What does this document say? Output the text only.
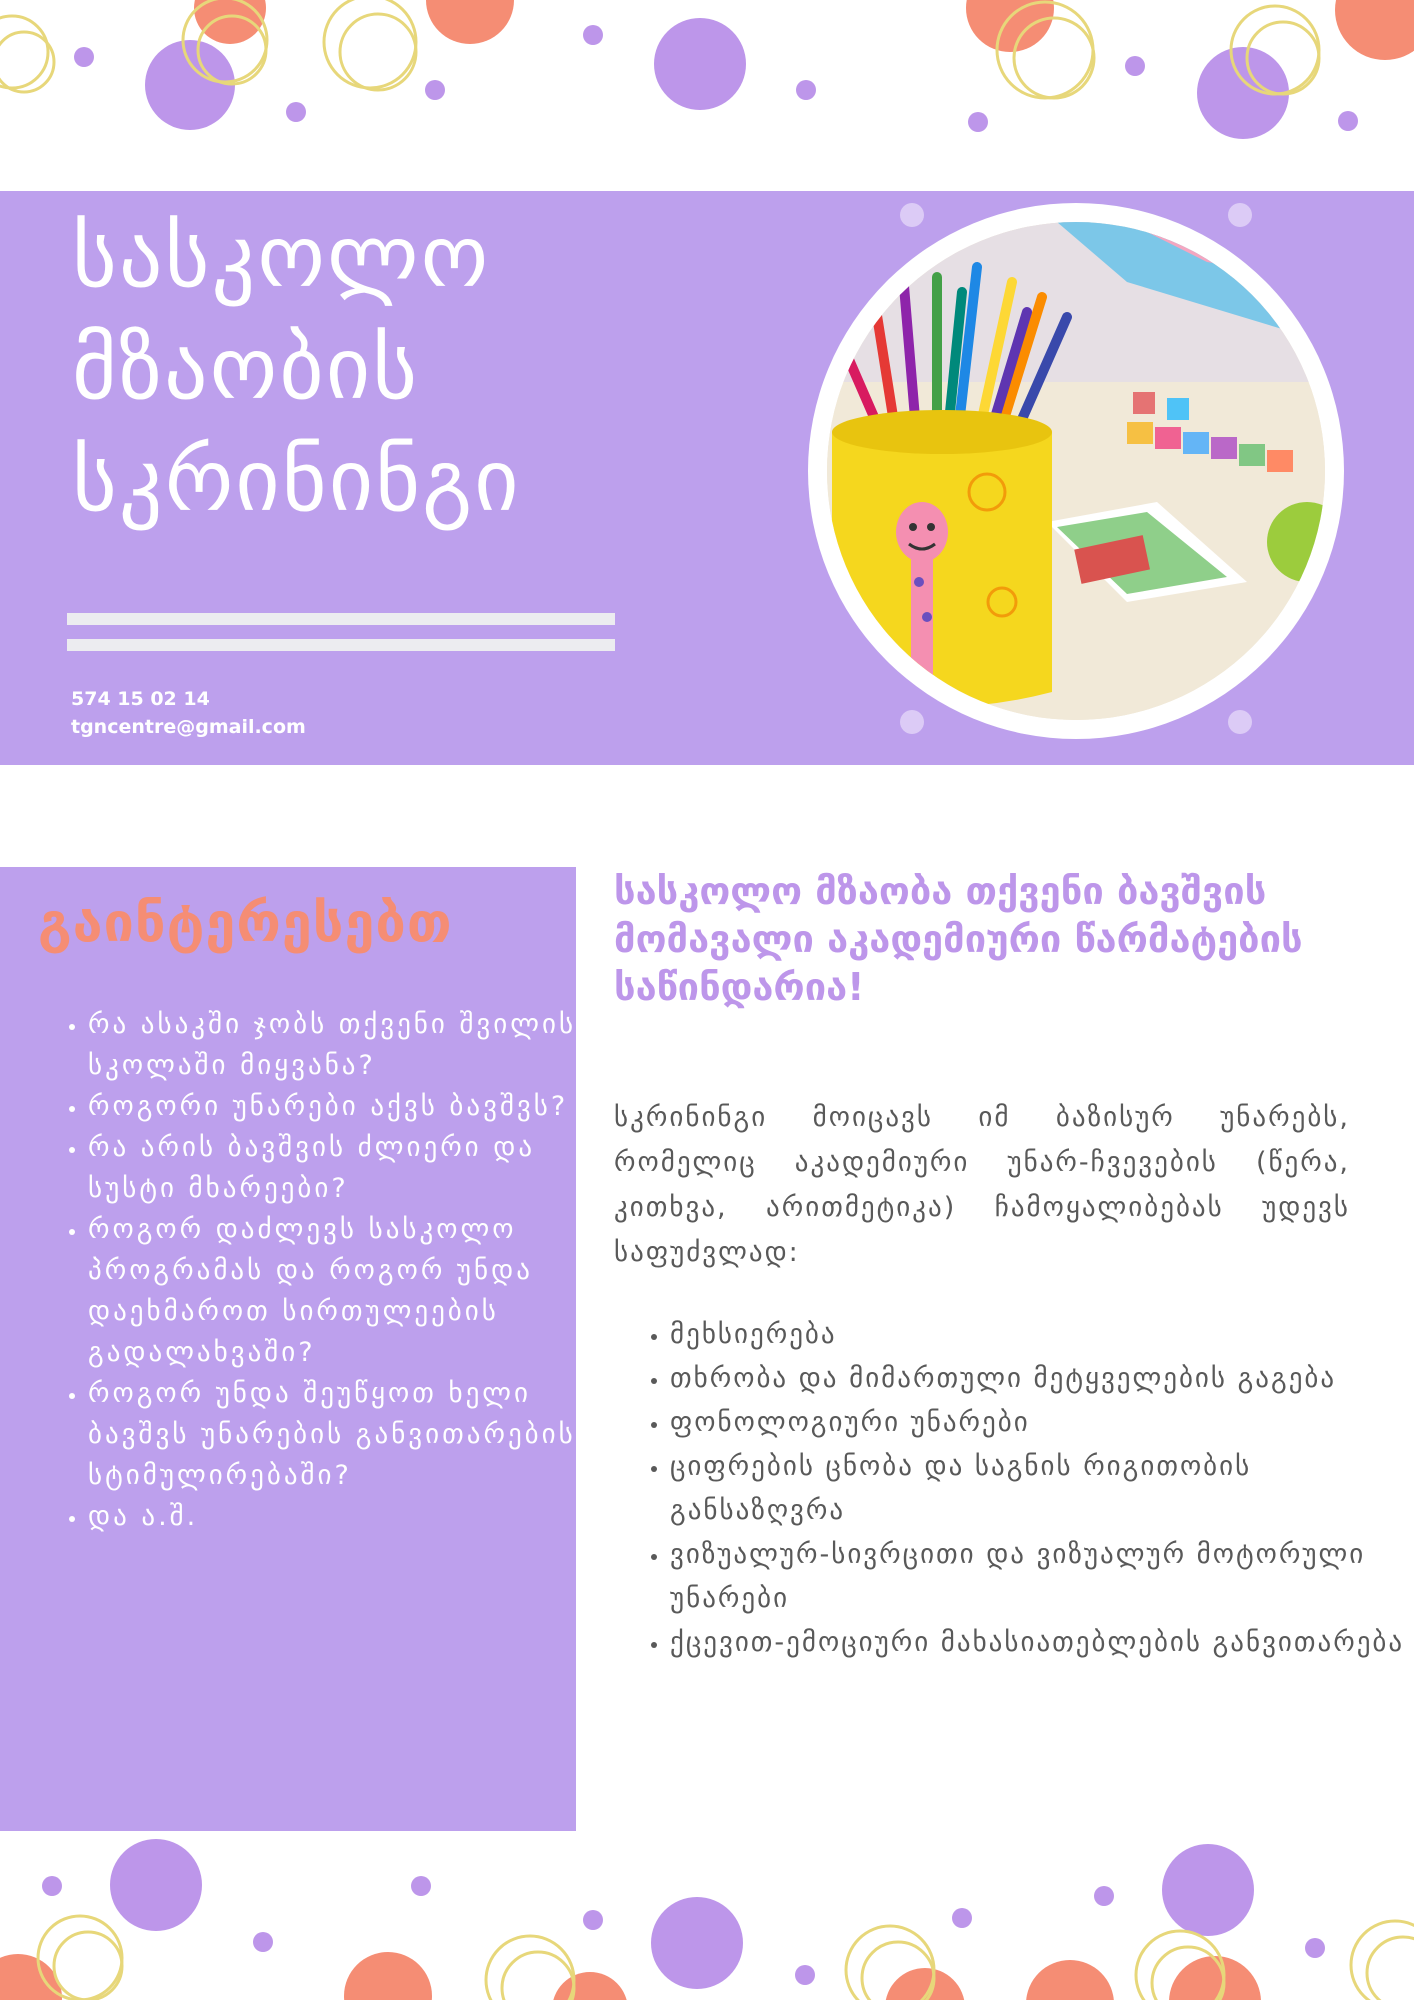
სასკოლო
მზაობის
სკრინინგი
574 15 02 14
tgncentre@gmail.com
გაინტერესებთ
• რა ასაკში ჯობს თქვენი შვილის სკოლაში მიყვანა?
• როგორი უნარები აქვს ბავშვს?
• რა არის ბავშვის ძლიერი და სუსტი მხარეები?
• როგორ დაძლევს სასკოლო პროგრამას და როგორ უნდა დაეხმაროთ სირთულეების გადალახვაში?
• როგორ უნდა შეუწყოთ ხელი ბავშვს უნარების განვითარების სტიმულირებაში?
• და ა.შ.
სასკოლო მზაობა თქვენი ბავშვის მომავალი აკადემიური წარმატების საწინდარია!

სკრინინგი მოიცავს იმ ბაზისურ უნარებს, რომელიც აკადემიური უნარ-ჩვევების (წერა, კითხვა, არითმეტიკა) ჩამოყალიბებას უდევს საფუძვლად:

• მეხსიერება
• თხრობა და მიმართული მეტყველების გაგება
• ფონოლოგიური უნარები
• ციფრების ცნობა და საგნის რიგითობის განსაზღვრა
• ვიზუალურ-სივრცითი და ვიზუალურ მოტორული უნარები
• ქცევით-ემოციური მახასიათებლების განვითარება
